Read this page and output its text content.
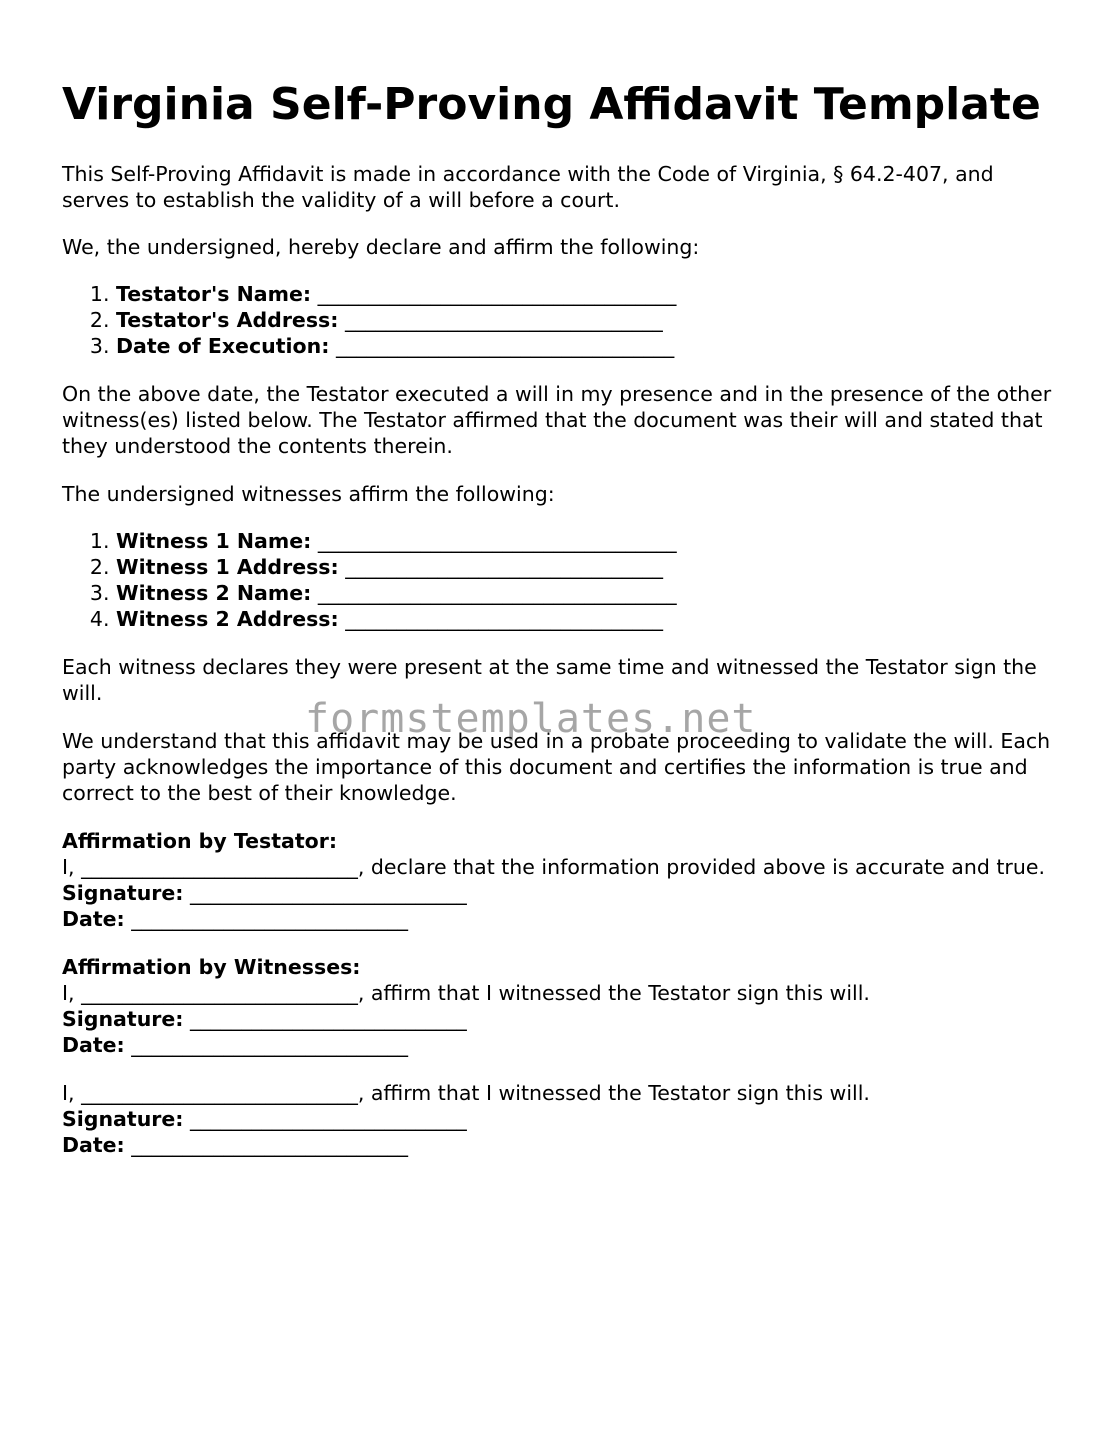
Virginia Self-Proving Affidavit Template

This Self-Proving Affidavit is made in accordance with the Code of Virginia, § 64.2-407, and serves to establish the validity of a will before a court.

We, the undersigned, hereby declare and affirm the following:

1. Testator's Name: ___________________________________
2. Testator's Address: _______________________________
3. Date of Execution: _________________________________

On the above date, the Testator executed a will in my presence and in the presence of the other witness(es) listed below. The Testator affirmed that the document was their will and stated that they understood the contents therein.

The undersigned witnesses affirm the following:

1. Witness 1 Name: ___________________________________
2. Witness 1 Address: _______________________________
3. Witness 2 Name: ___________________________________
4. Witness 2 Address: _______________________________

Each witness declares they were present at the same time and witnessed the Testator sign the will.

We understand that this affidavit may be used in a probate proceeding to validate the will. Each party acknowledges the importance of this document and certifies the information is true and correct to the best of their knowledge.

Affirmation by Testator:

I, ___________________________, declare that the information provided above is accurate and true.

Signature: ___________________________

Date: ___________________________

Affirmation by Witnesses:

I, ___________________________, affirm that I witnessed the Testator sign this will.

Signature: ___________________________

Date: ___________________________

I, ___________________________, affirm that I witnessed the Testator sign this will.

Signature: ___________________________

Date: ___________________________

formstemplates.net
